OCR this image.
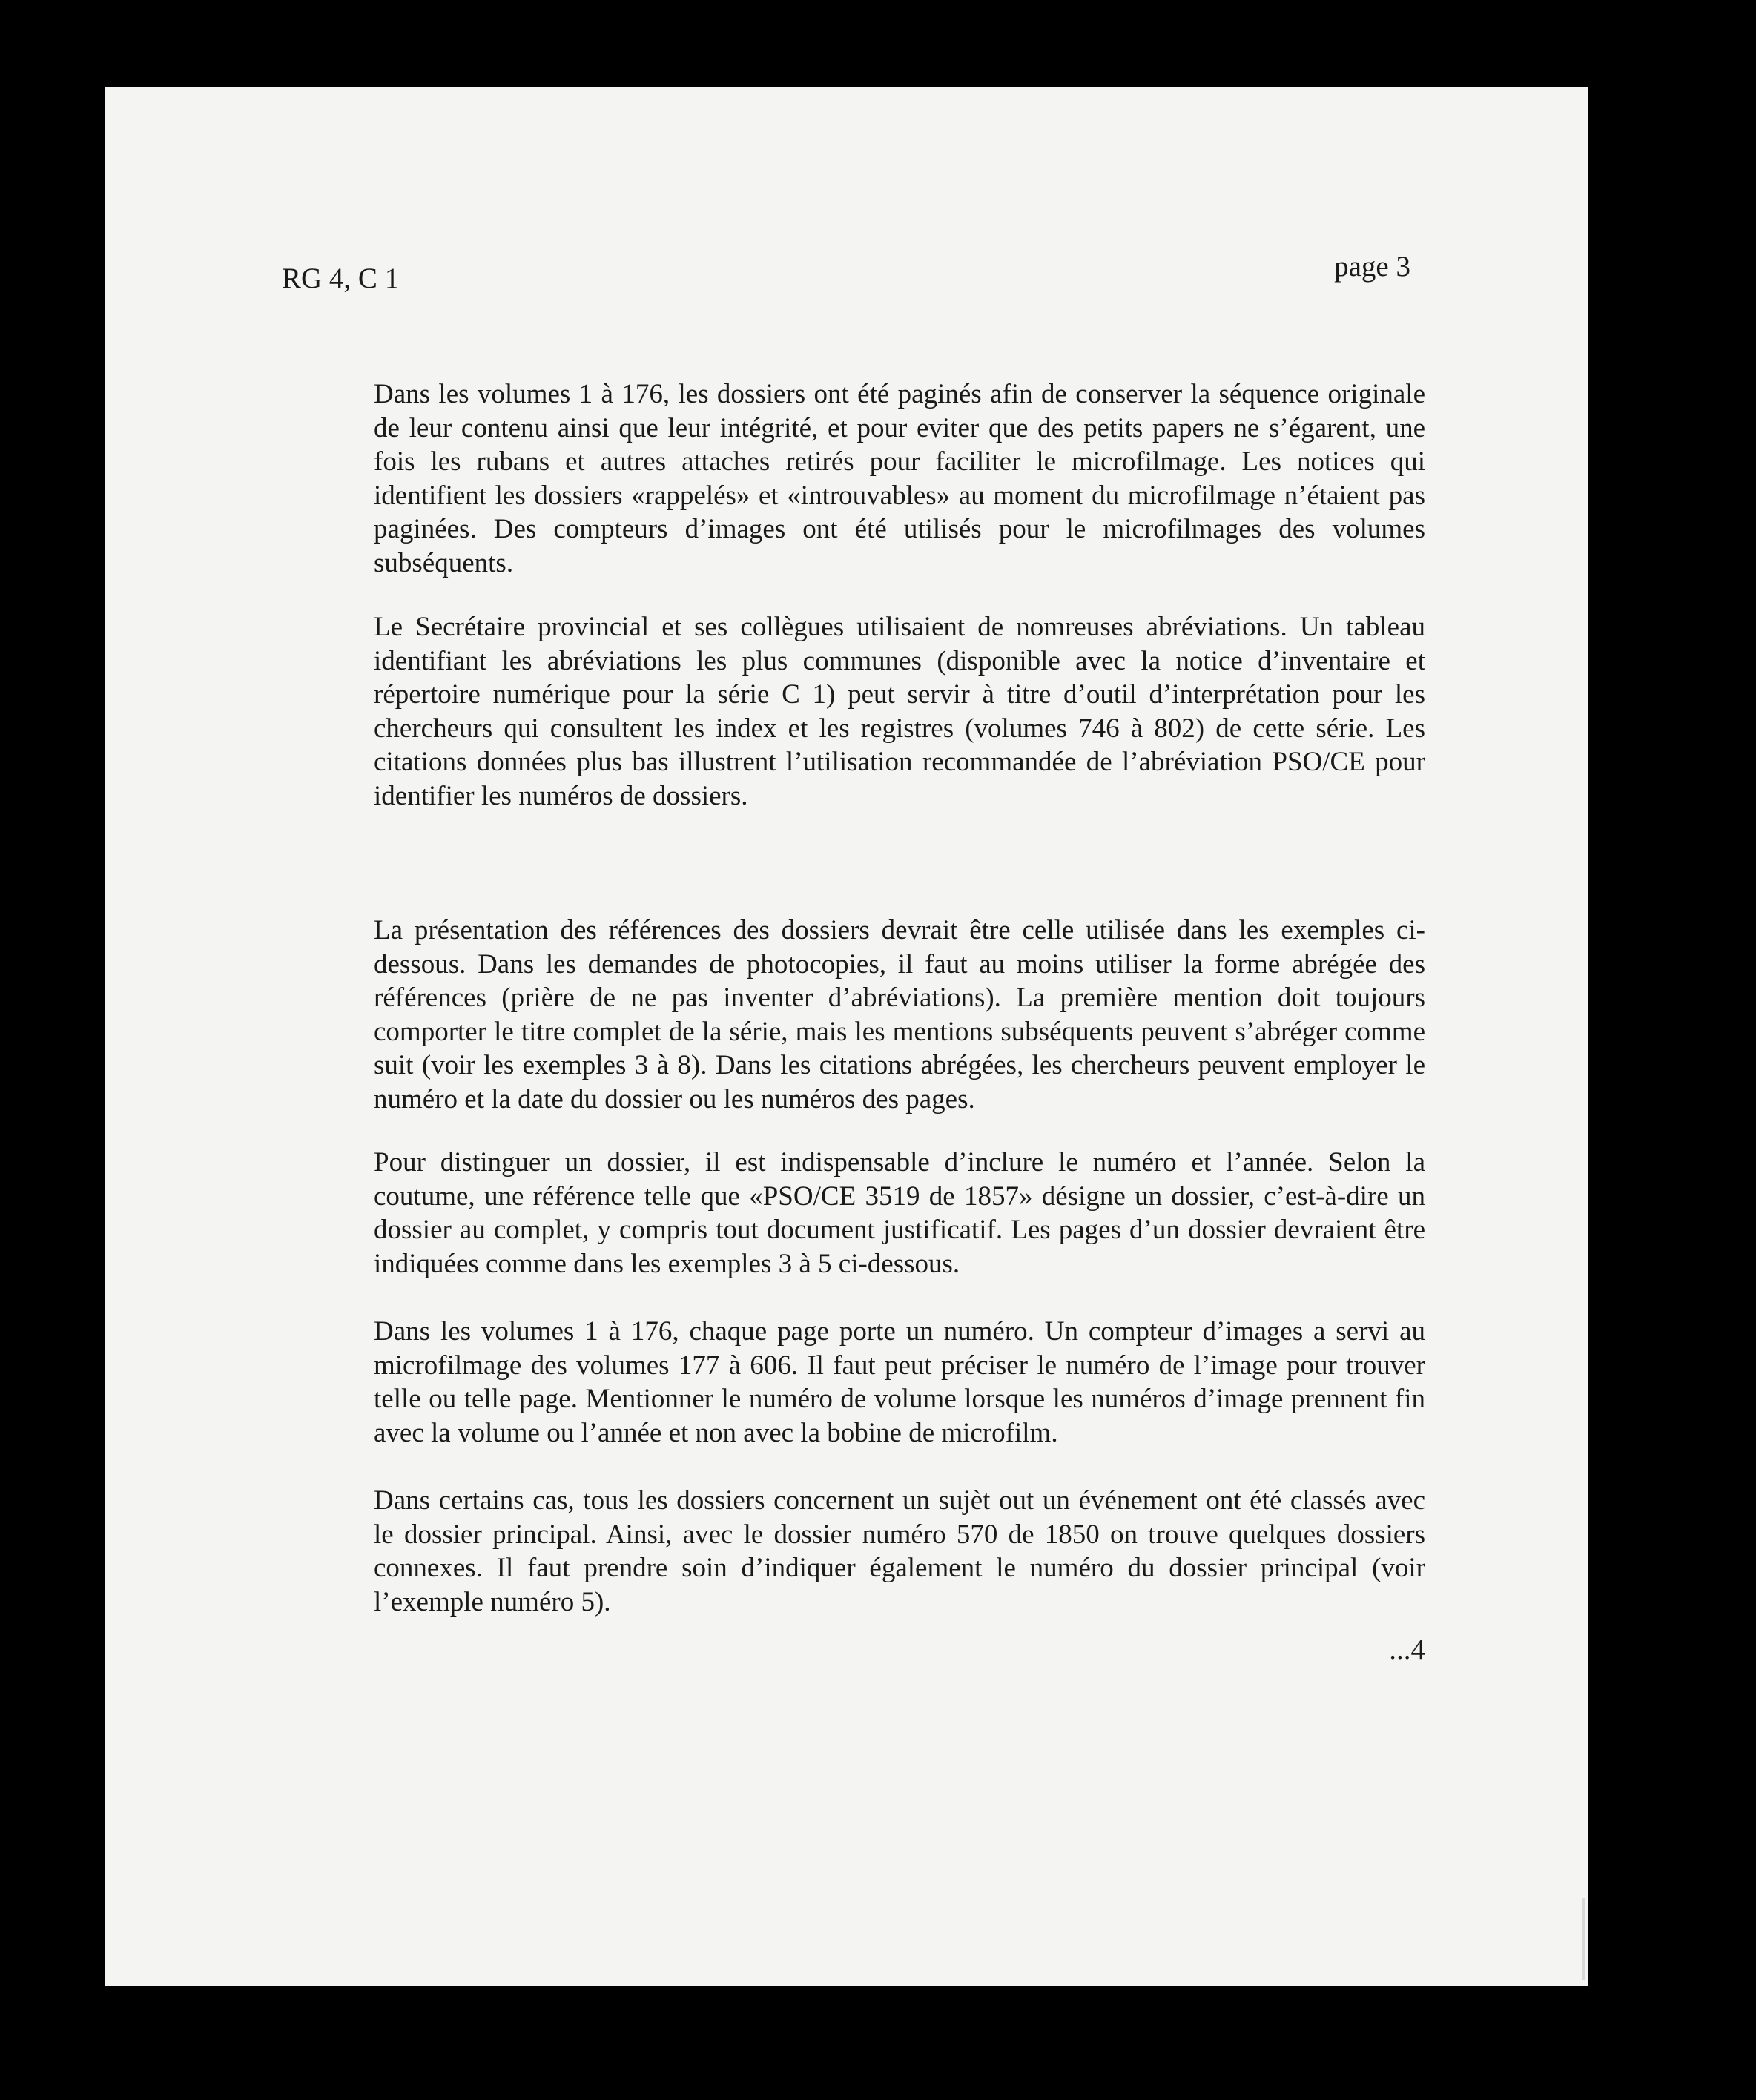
RG 4, C 1	page 3

Dans les volumes 1 à 176, les dossiers ont été paginés afin de conserver la séquence originale de leur contenu ainsi que leur intégrité, et pour eviter que des petits papers ne s’égarent, une fois les rubans et autres attaches retirés pour faciliter le microfilmage. Les notices qui identifient les dossiers «rappelés» et «introuvables» au moment du microfilmage n’étaient pas paginées. Des compteurs d’images ont été utilisés pour le microfilmages des volumes subséquents.

Le Secrétaire provincial et ses collègues utilisaient de nomreuses abréviations. Un tableau identifiant les abréviations les plus communes (disponible avec la notice d’inventaire et répertoire numérique pour la série C 1) peut servir à titre d’outil d’interprétation pour les chercheurs qui consultent les index et les registres (volumes 746 à 802) de cette série. Les citations données plus bas illustrent l’utilisation recommandée de l’abréviation PSO/CE pour identifier les numéros de dossiers.

La présentation des références des dossiers devrait être celle utilisée dans les exemples ci-dessous. Dans les demandes de photocopies, il faut au moins utiliser la forme abrégée des références (prière de ne pas inventer d’abréviations). La première mention doit toujours comporter le titre complet de la série, mais les mentions subséquents peuvent s’abréger comme suit (voir les exemples 3 à 8). Dans les citations abrégées, les chercheurs peuvent employer le numéro et la date du dossier ou les numéros des pages.

Pour distinguer un dossier, il est indispensable d’inclure le numéro et l’année. Selon la coutume, une référence telle que «PSO/CE 3519 de 1857» désigne un dossier, c’est-à-dire un dossier au complet, y compris tout document justificatif. Les pages d’un dossier devraient être indiquées comme dans les exemples 3 à 5 ci-dessous.

Dans les volumes 1 à 176, chaque page porte un numéro. Un compteur d’images a servi au microfilmage des volumes 177 à 606. Il faut peut préciser le numéro de l’image pour trouver telle ou telle page. Mentionner le numéro de volume lorsque les numéros d’image prennent fin avec la volume ou l’année et non avec la bobine de microfilm.

Dans certains cas, tous les dossiers concernent un sujèt out un événement ont été classés avec le dossier principal. Ainsi, avec le dossier numéro 570 de 1850 on trouve quelques dossiers connexes. Il faut prendre soin d’indiquer également le numéro du dossier principal (voir l’exemple numéro 5).

...4
